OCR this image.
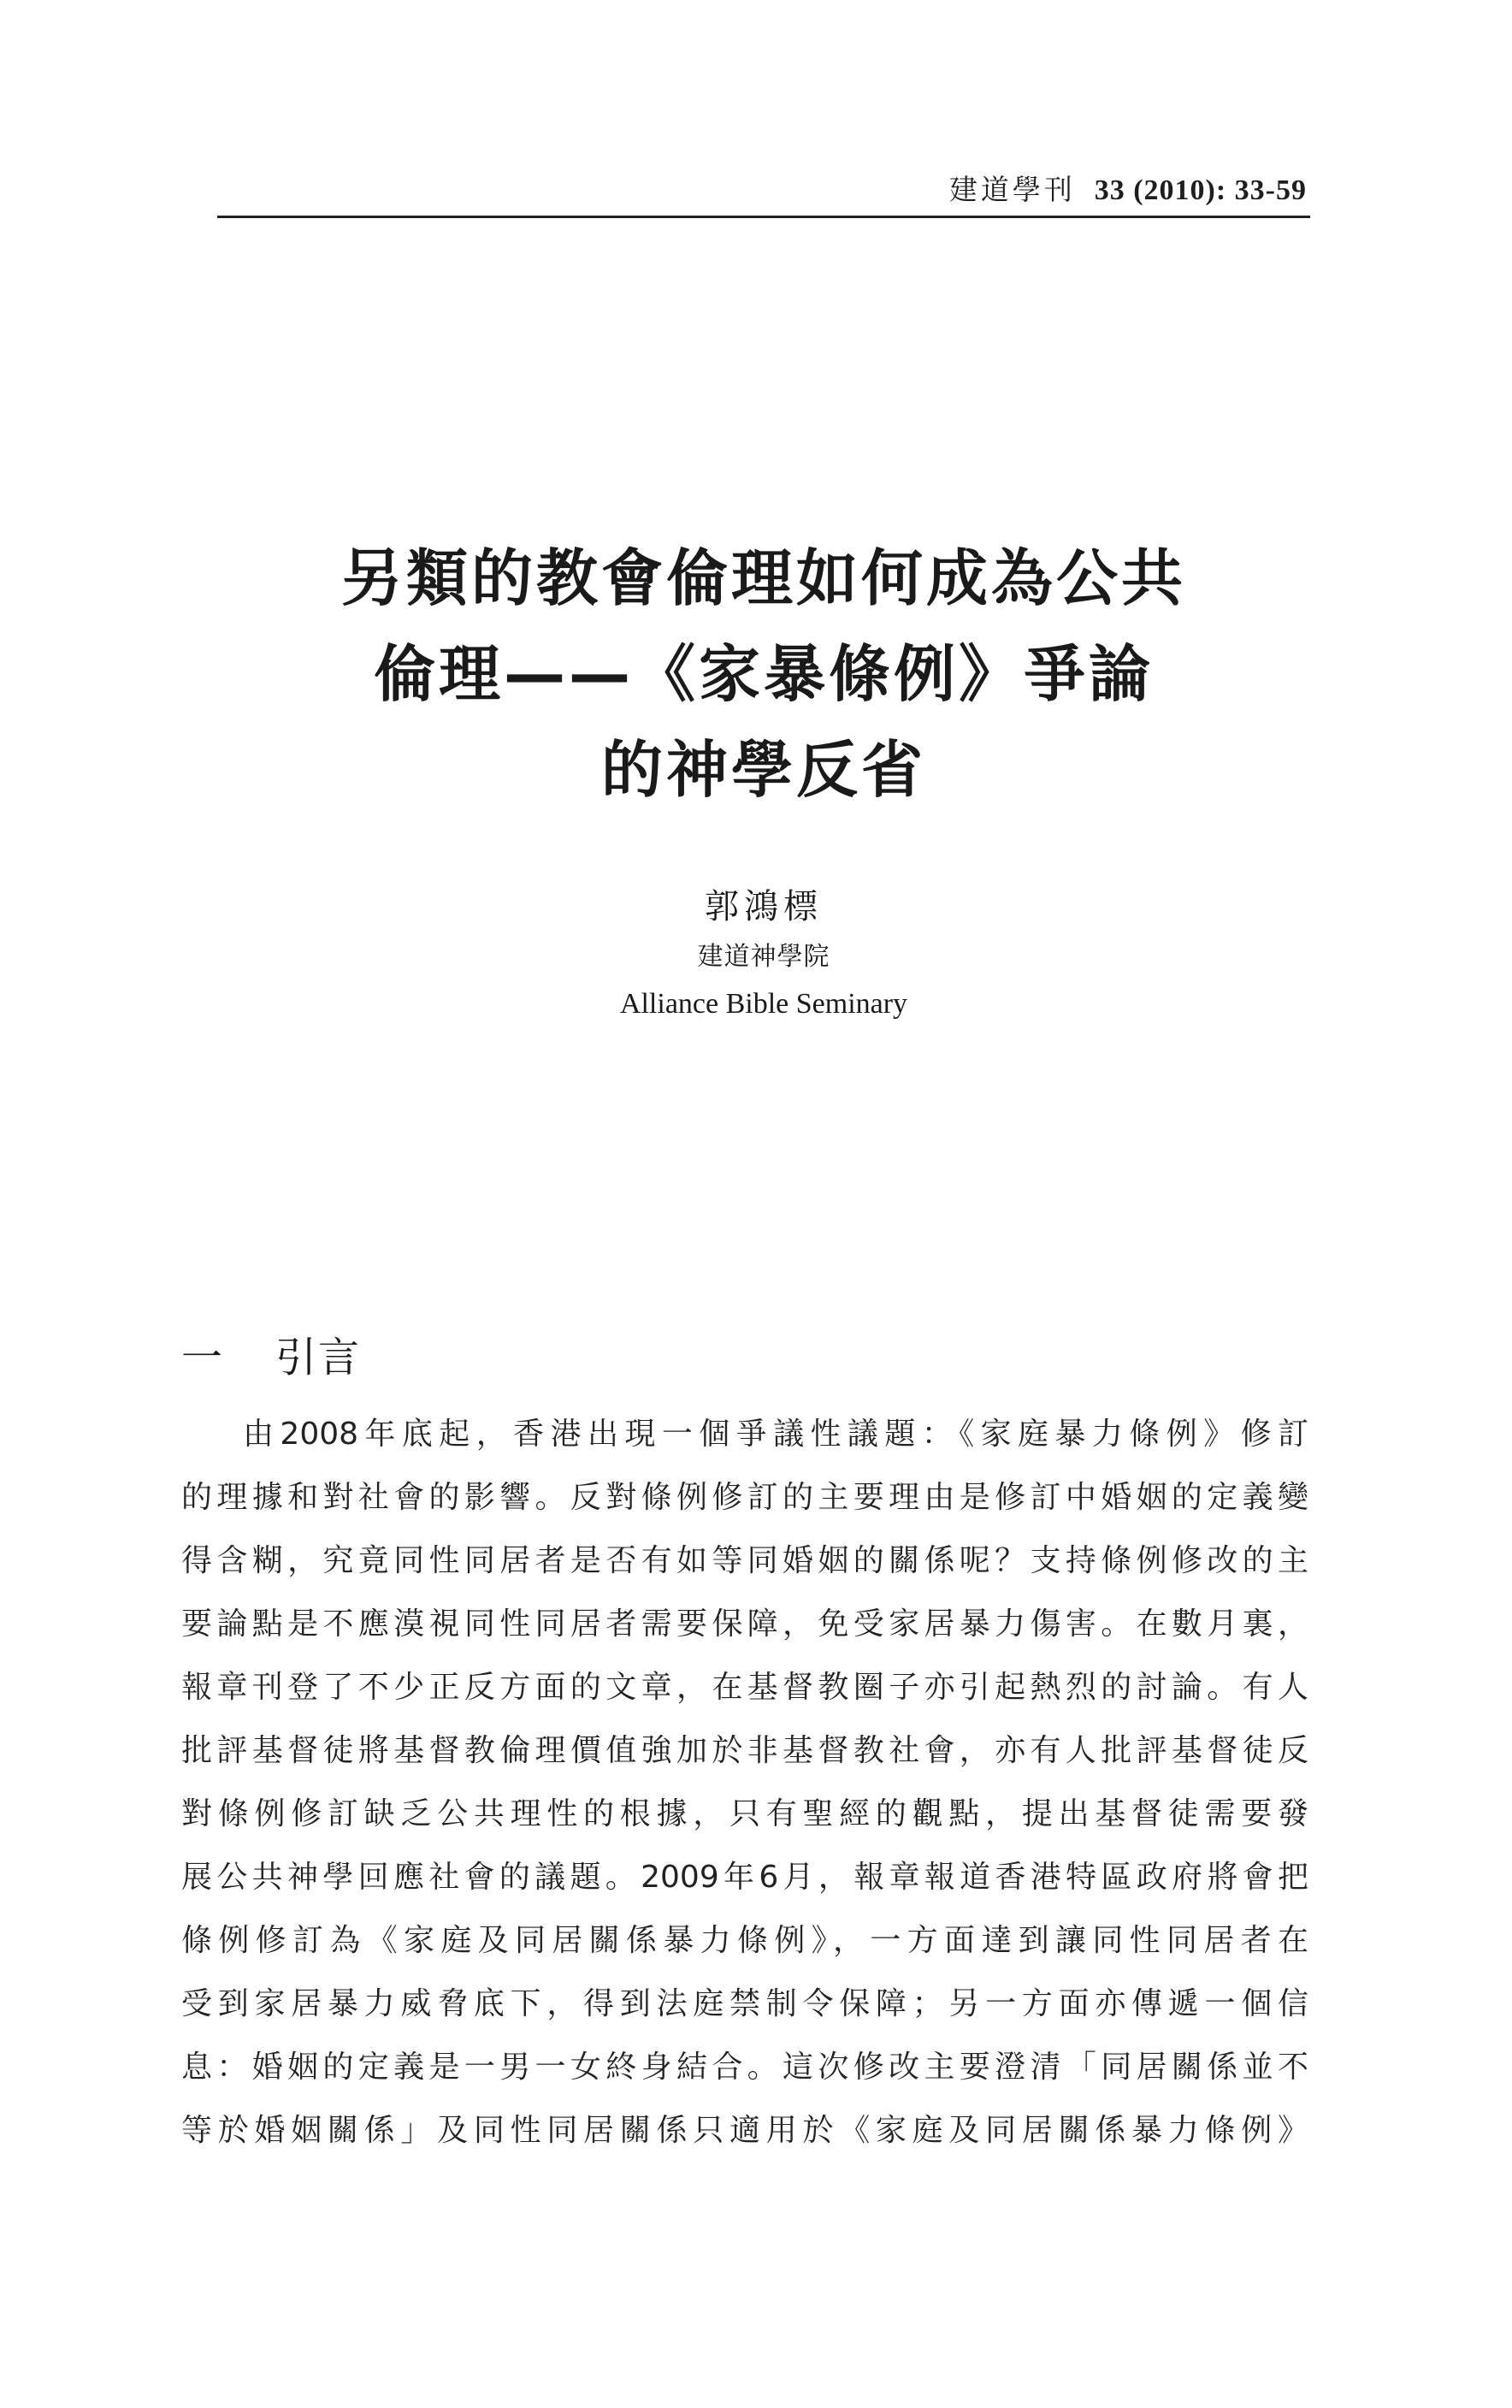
建道學刊 33 (2010): 33-59
另類的教會倫理如何成為公共
倫理——《家暴條例》爭論
的神學反省
郭鴻標
建道神學院
Alliance Bible Seminary
一	引言
由2008年底起，香港出現一個爭議性議題：《家庭暴力條例》修訂
的理據和對社會的影響。反對條例修訂的主要理由是修訂中婚姻的定義變
得含糊，究竟同性同居者是否有如等同婚姻的關係呢？支持條例修改的主
要論點是不應漠視同性同居者需要保障，免受家居暴力傷害。在數月裏，
報章刊登了不少正反方面的文章，在基督教圈子亦引起熱烈的討論。有人
批評基督徒將基督教倫理價值強加於非基督教社會，亦有人批評基督徒反
對條例修訂缺乏公共理性的根據，只有聖經的觀點，提出基督徒需要發
展公共神學回應社會的議題。2009年6月，報章報道香港特區政府將會把
條例修訂為《家庭及同居關係暴力條例》，一方面達到讓同性同居者在
受到家居暴力威脅底下，得到法庭禁制令保障；另一方面亦傳遞一個信
息：婚姻的定義是一男一女終身結合。這次修改主要澄清「同居關係並不
等於婚姻關係」及同性同居關係只適用於《家庭及同居關係暴力條例》
